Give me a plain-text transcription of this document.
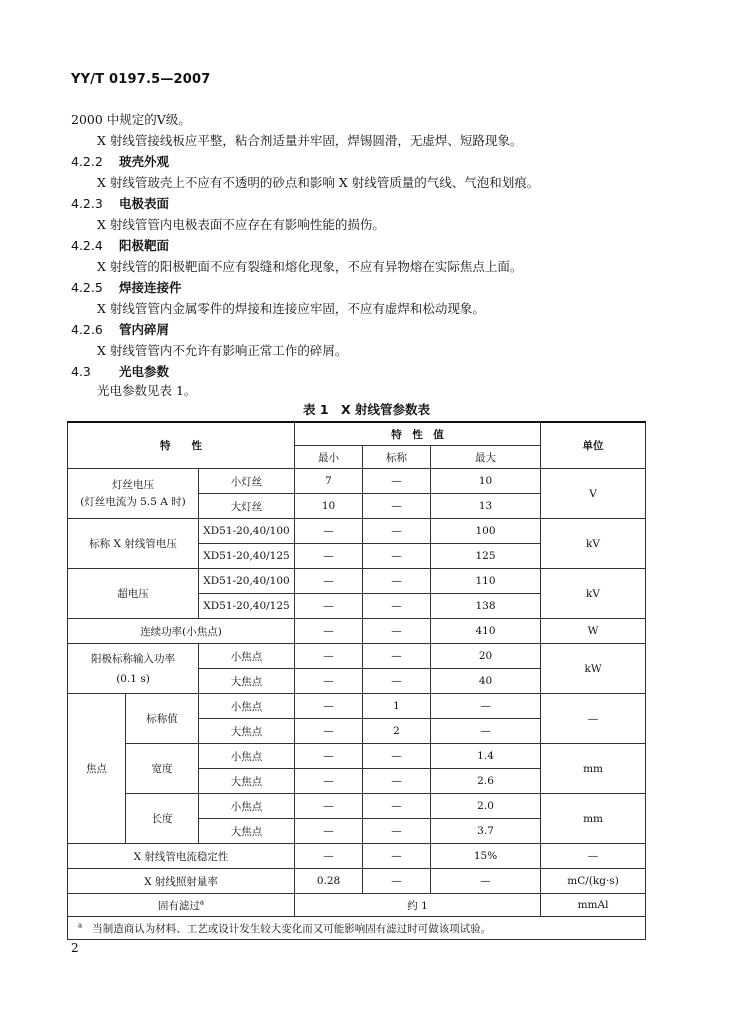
YY/T 0197.5—2007
2000 中规定的Ⅴ级。
X 射线管接线板应平整，粘合剂适量并牢固，焊锡圆滑，无虚焊、短路现象。
4.2.2 玻壳外观
X 射线管玻壳上不应有不透明的砂点和影响 X 射线管质量的气线、气泡和划痕。
4.2.3 电极表面
X 射线管管内电极表面不应存在有影响性能的损伤。
4.2.4 阳极靶面
X 射线管的阳极靶面不应有裂缝和熔化现象，不应有异物熔在实际焦点上面。
4.2.5 焊接连接件
X 射线管管内金属零件的焊接和连接应牢固，不应有虚焊和松动现象。
4.2.6 管内碎屑
X 射线管管内不允许有影响正常工作的碎屑。
4.3 光电参数
光电参数见表 1。
表 1　X 射线管参数表
特　　性			特　性　值			单位
			最小	标称	最大	

灯丝电压
(灯丝电流为 5.5 A 时)		小灯丝	7	—	10	V
		大灯丝	10	—	13	
标称 X 射线管电压		XD51-20,40/100	—	—	100	kV
		XD51-20,40/125	—	—	125	
超电压		XD51-20,40/100	—	—	110	kV
		XD51-20,40/125	—	—	138	
连续功率(小焦点)			—	—	410	W

阳极标称输入功率
(0.1 s)		小焦点	—	—	20	kW
		大焦点	—	—	40	
焦点	标称值	小焦点	—	1	—	—
		大焦点	—	2	—	
	宽度	小焦点	—	—	1.4	mm
		大焦点	—	—	2.6	
	长度	小焦点	—	—	2.0	mm
		大焦点	—	—	3.7	
X 射线管电流稳定性			—	—	15%	—
X 射线照射量率			0.28	—	—	mC/(kg·s)
固有滤过$^a$			约 1			mmAl
$^a$ 当制造商认为材料、工艺或设计发生较大变化而又可能影响固有滤过时可做该项试验。						
2
